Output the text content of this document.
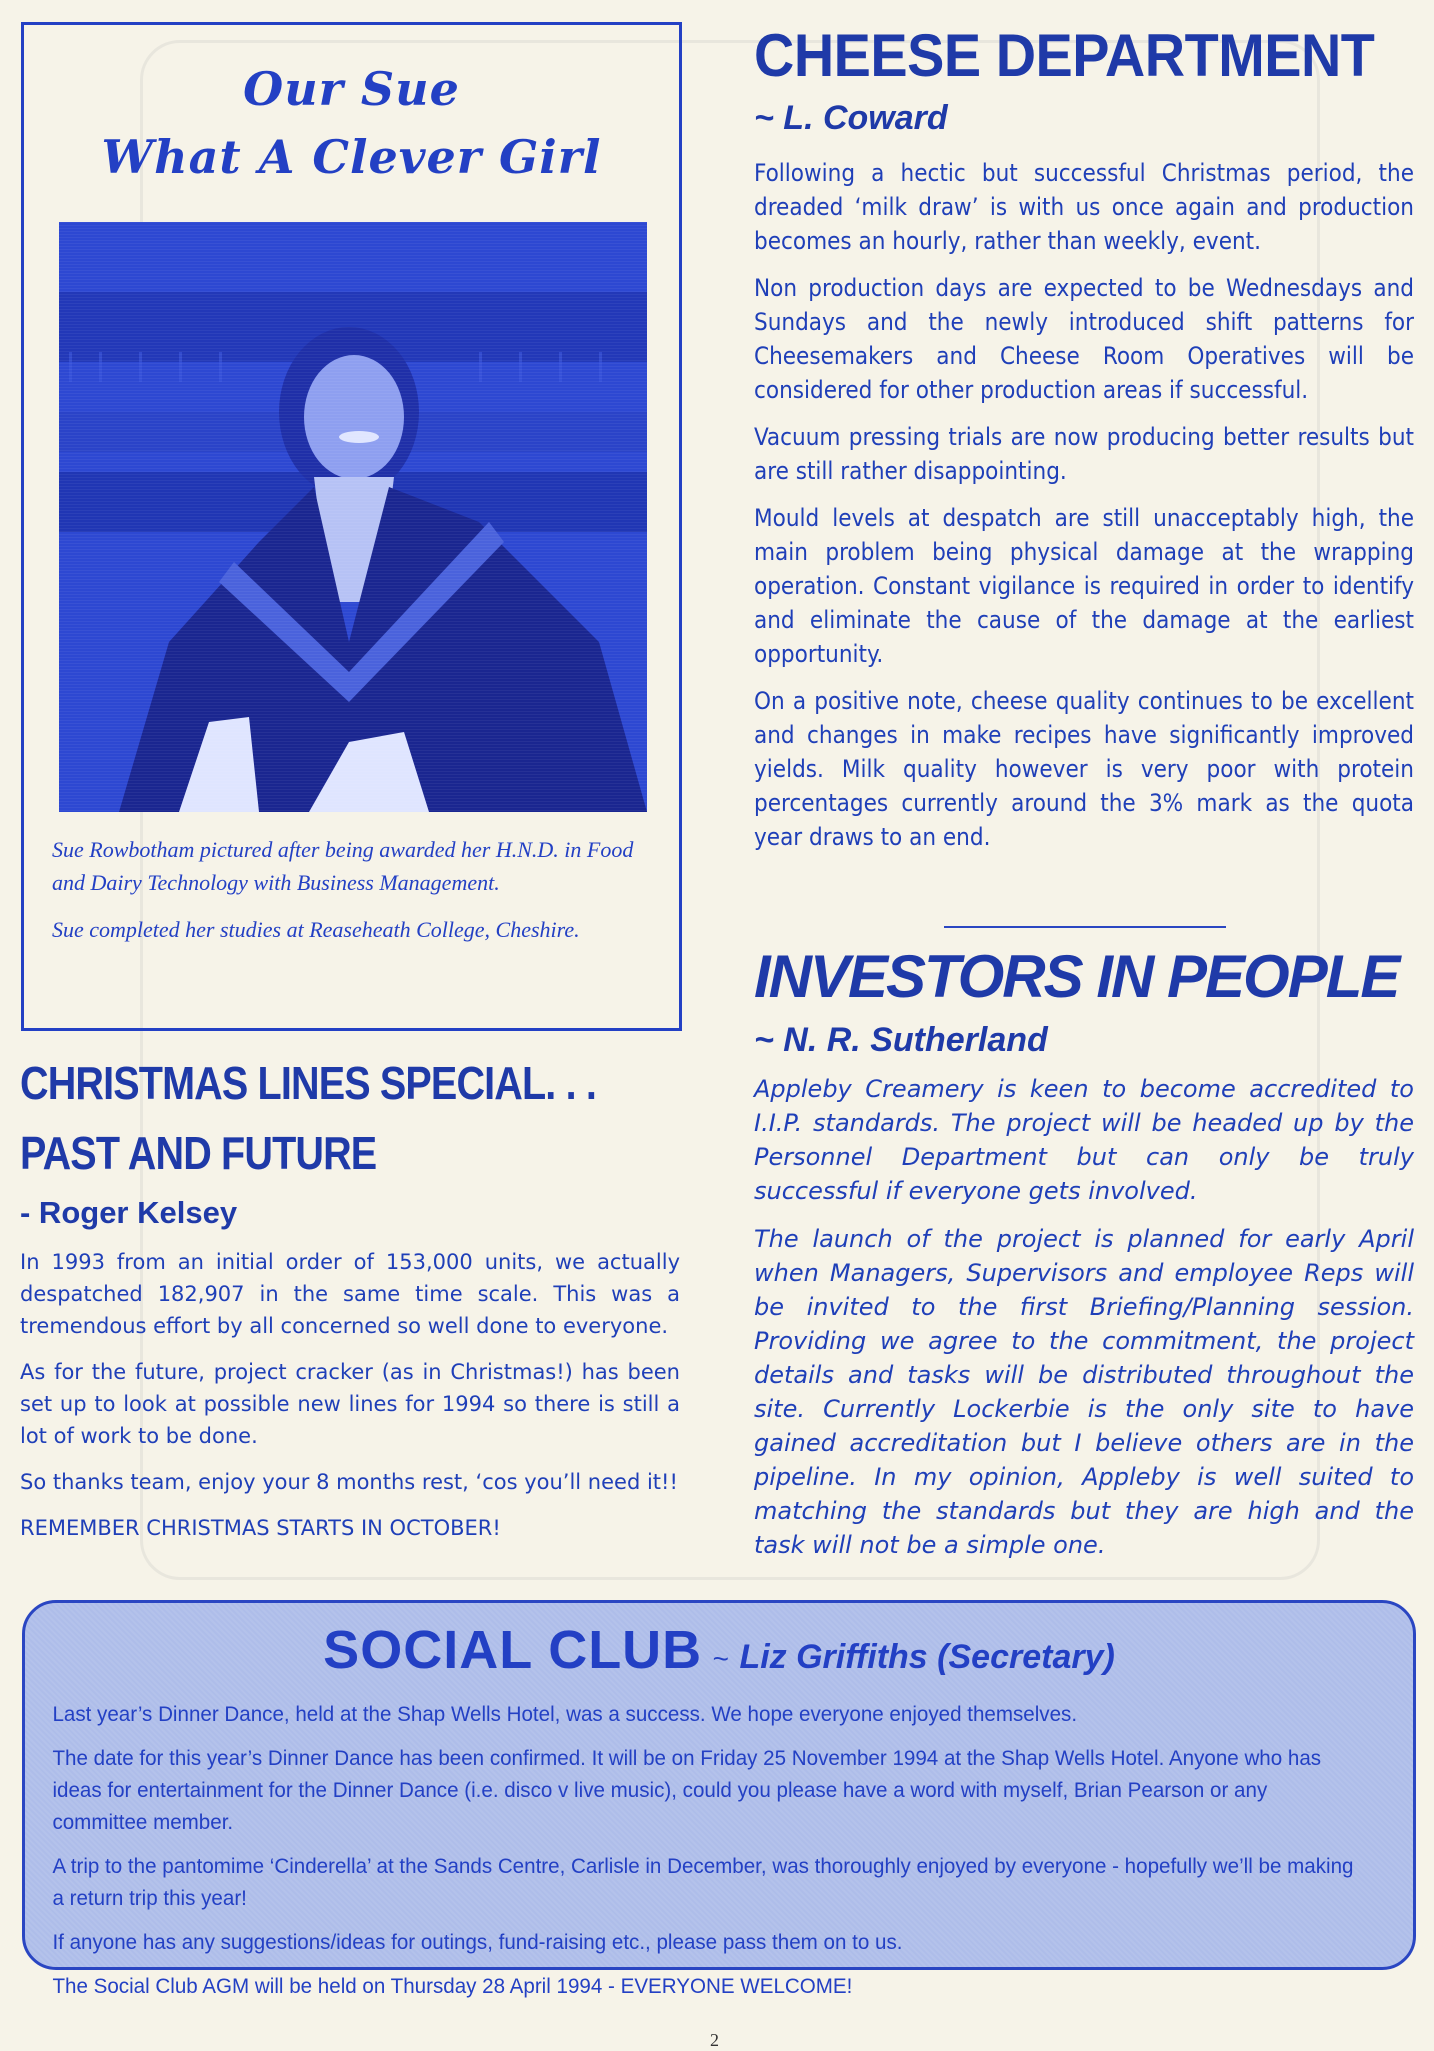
Our Sue
What A Clever Girl

Sue Rowbotham pictured after being awarded her H.N.D. in Food and Dairy Technology with Business Management.

Sue completed her studies at Reaseheath College, Cheshire.

CHEESE DEPARTMENT
~ L. Coward

Following a hectic but successful Christmas period, the dreaded ‘milk draw’ is with us once again and production becomes an hourly, rather than weekly, event.

Non production days are expected to be Wednesdays and Sundays and the newly introduced shift patterns for Cheesemakers and Cheese Room Operatives will be considered for other production areas if successful.

Vacuum pressing trials are now producing better results but are still rather disappointing.

Mould levels at despatch are still unacceptably high, the main problem being physical damage at the wrapping operation. Constant vigilance is required in order to identify and eliminate the cause of the damage at the earliest opportunity.

On a positive note, cheese quality continues to be excellent and changes in make recipes have significantly improved yields. Milk quality however is very poor with protein percentages currently around the 3% mark as the quota year draws to an end.

INVESTORS IN PEOPLE
~ N. R. Sutherland

Appleby Creamery is keen to become accredited to I.I.P. standards. The project will be headed up by the Personnel Department but can only be truly successful if everyone gets involved.

The launch of the project is planned for early April when Managers, Supervisors and employee Reps will be invited to the first Briefing/Planning session. Providing we agree to the commitment, the project details and tasks will be distributed throughout the site. Currently Lockerbie is the only site to have gained accreditation but I believe others are in the pipeline. In my opinion, Appleby is well suited to matching the standards but they are high and the task will not be a simple one.

CHRISTMAS LINES SPECIAL. . .
PAST AND FUTURE
- Roger Kelsey

In 1993 from an initial order of 153,000 units, we actually despatched 182,907 in the same time scale. This was a tremendous effort by all concerned so well done to everyone.

As for the future, project cracker (as in Christmas!) has been set up to look at possible new lines for 1994 so there is still a lot of work to be done.

So thanks team, enjoy your 8 months rest, ‘cos you’ll need it!!

REMEMBER CHRISTMAS STARTS IN OCTOBER!

SOCIAL CLUB ~ Liz Griffiths (Secretary)

Last year’s Dinner Dance, held at the Shap Wells Hotel, was a success. We hope everyone enjoyed themselves.

The date for this year’s Dinner Dance has been confirmed. It will be on Friday 25 November 1994 at the Shap Wells Hotel. Anyone who has ideas for entertainment for the Dinner Dance (i.e. disco v live music), could you please have a word with myself, Brian Pearson or any committee member.

A trip to the pantomime ‘Cinderella’ at the Sands Centre, Carlisle in December, was thoroughly enjoyed by everyone - hopefully we’ll be making a return trip this year!

If anyone has any suggestions/ideas for outings, fund-raising etc., please pass them on to us.

The Social Club AGM will be held on Thursday 28 April 1994 - EVERYONE WELCOME!

2
